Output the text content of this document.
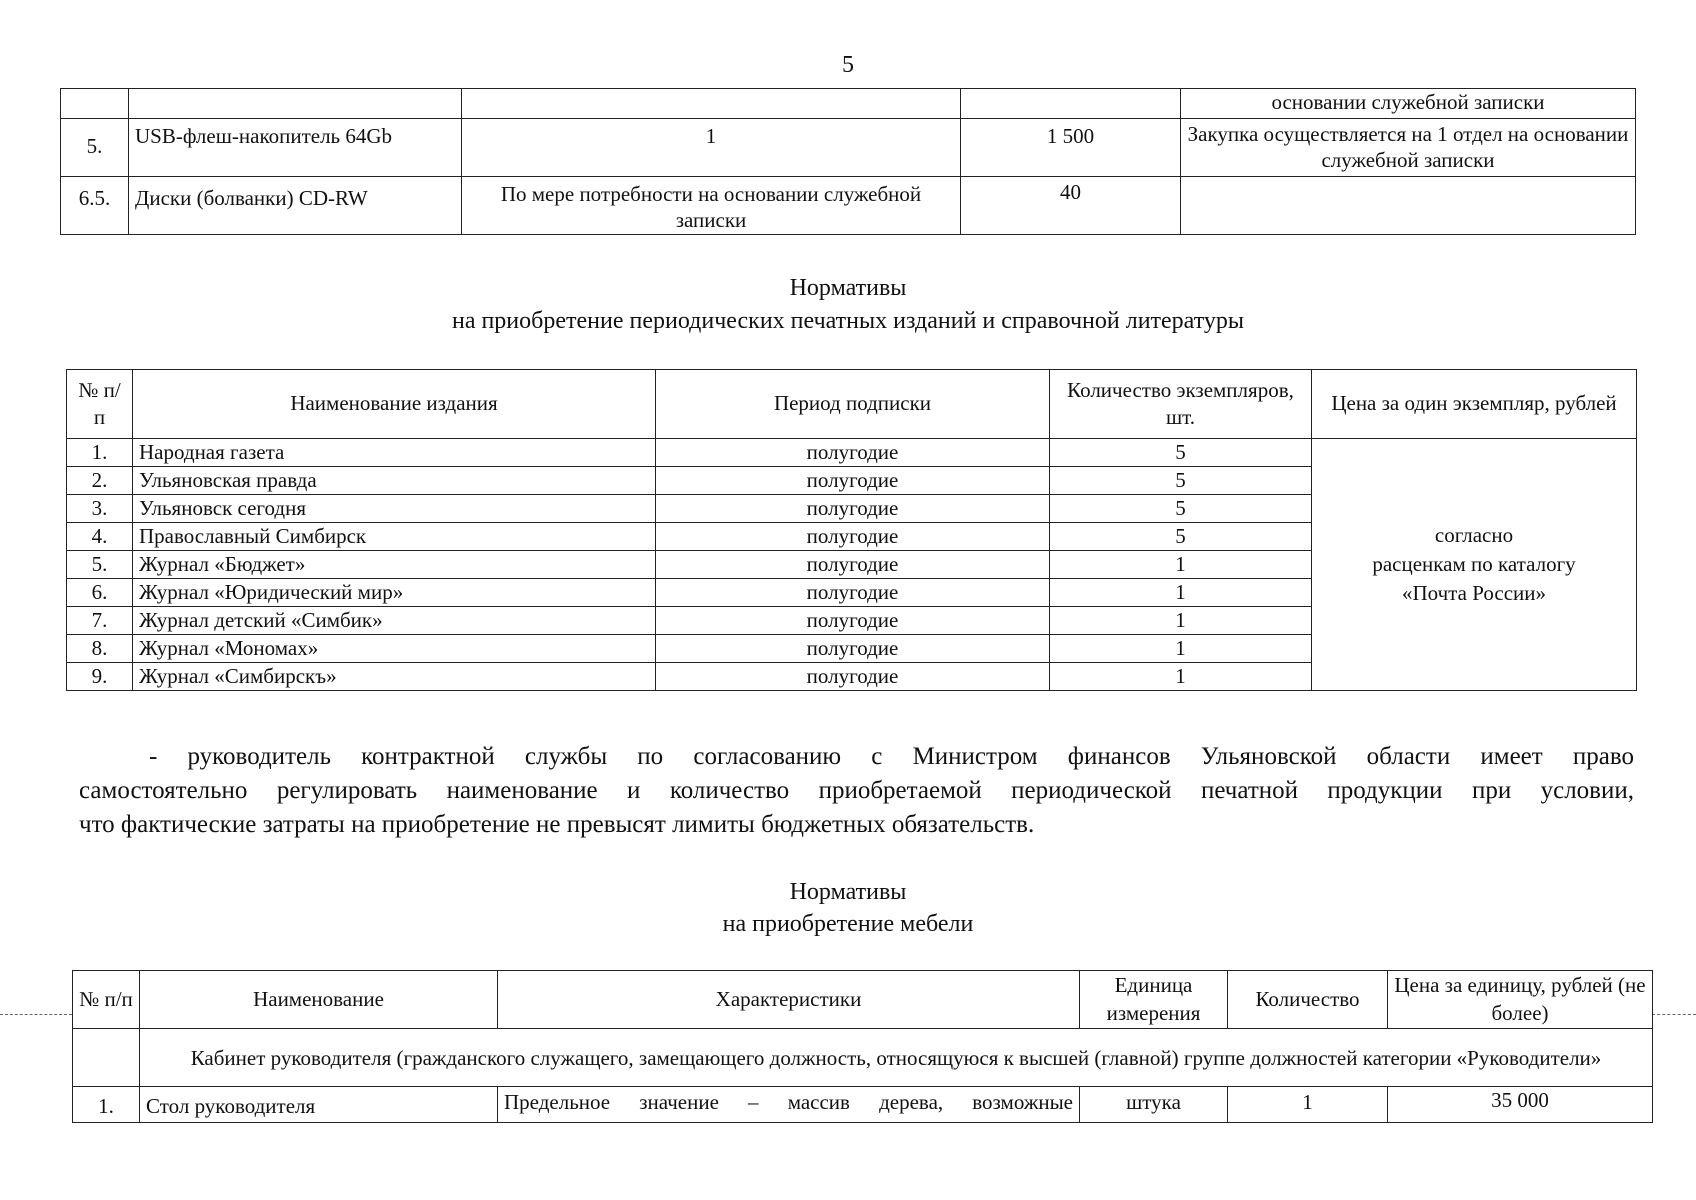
5
				основании служебной записки
5.	USB-флеш-накопитель 64Gb	1	1 500	Закупка осуществляется на 1 отдел на основании служебной записки
6.5.	Диски (болванки) CD-RW	По мере потребности на основании служебной записки	40	
Нормативы
на приобретение периодических печатных изданий и справочной литературы
№ п/п	Наименование издания	Период подписки	Количество экземпляров, шт.	Цена за один экземпляр, рублей
1.	Народная газета	полугодие	5	согласно
расценкам по каталогу
«Почта России»
2.	Ульяновская правда	полугодие	5	
3.	Ульяновск сегодня	полугодие	5	
4.	Православный Симбирск	полугодие	5	
5.	Журнал «Бюджет»	полугодие	1	
6.	Журнал «Юридический мир»	полугодие	1	
7.	Журнал детский «Симбик»	полугодие	1	
8.	Журнал «Мономах»	полугодие	1	
9.	Журнал «Симбирскъ»	полугодие	1	
- руководитель контрактной службы по согласованию с Министром финансов Ульяновской области имеет право
самостоятельно регулировать наименование и количество приобретаемой периодической печатной продукции при условии,
что фактические затраты на приобретение не превысят лимиты бюджетных обязательств.
Нормативы
на приобретение мебели
№ п/п	Наименование	Характеристики	Единица измерения	Количество	Цена за единицу, рублей (не более)
	Кабинет руководителя (гражданского служащего, замещающего должность, относящуюся к высшей (главной) группе должностей категории «Руководители»				
1.	Стол руководителя	Предельное значение – массив дерева, возможные	штука	1	35 000
